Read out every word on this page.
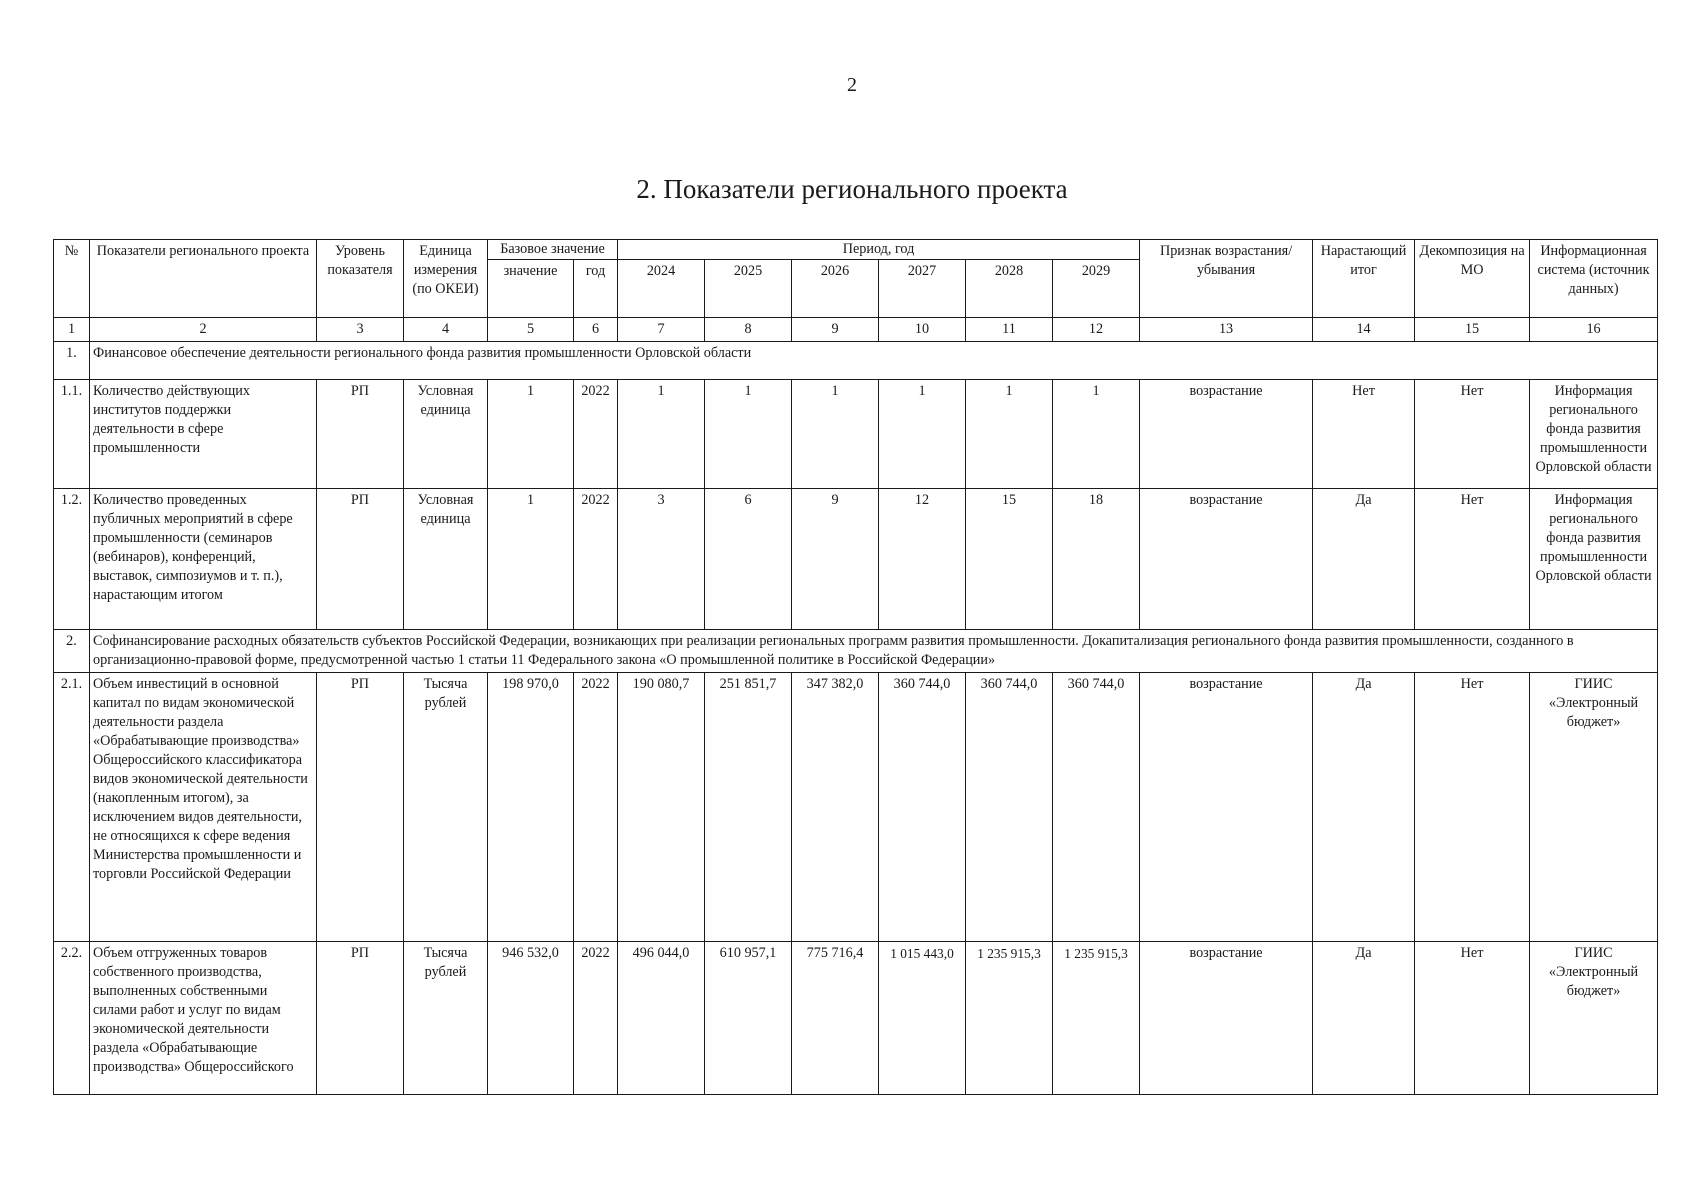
2
2. Показатели регионального проекта
№	Показатели регионального проекта	Уровень показателя	Единица измерения (по ОКЕИ)	Базовое значение		Период, год						Признак возрастания/убывания	Нарастающий итог	Декомпозиция на МО	Информационная система (источник данных)
				значение	год	2024	2025	2026	2027	2028	2029				
1	2	3	4	5	6	7	8	9	10	11	12	13	14	15	16
1.	Финансовое обеспечение деятельности регионального фонда развития промышленности Орловской области														
1.1.	Количество действующих институтов поддержки деятельности в сфере промышленности	РП	Условная единица	1	2022	1	1	1	1	1	1	возрастание	Нет	Нет	Информация регионального фонда развития промышленности Орловской области
1.2.	Количество проведенных публичных мероприятий в сфере промышленности (семинаров (вебинаров), конференций, выставок, симпозиумов и т. п.), нарастающим итогом	РП	Условная единица	1	2022	3	6	9	12	15	18	возрастание	Да	Нет	Информация регионального фонда развития промышленности Орловской области
2.	Софинансирование расходных обязательств субъектов Российской Федерации, возникающих при реализации региональных программ развития промышленности. Докапитализация регионального фонда развития промышленности, созданного в организационно-правовой форме, предусмотренной частью 1 статьи 11 Федерального закона «О промышленной политике в Российской Федерации»														
2.1.	Объем инвестиций в основной капитал по видам экономической деятельности раздела «Обрабатывающие производства» Общероссийского классификатора видов экономической деятельности (накопленным итогом), за исключением видов деятельности, не относящихся к сфере ведения Министерства промышленности и торговли Российской Федерации	РП	Тысяча рублей	198 970,0	2022	190 080,7	251 851,7	347 382,0	360 744,0	360 744,0	360 744,0	возрастание	Да	Нет	ГИИС «Электронный бюджет»
2.2.	Объем отгруженных товаров собственного производства, выполненных собственными силами работ и услуг по видам экономической деятельности раздела «Обрабатывающие производства» Общероссийского	РП	Тысяча рублей	946 532,0	2022	496 044,0	610 957,1	775 716,4	1 015 443,0	1 235 915,3	1 235 915,3	возрастание	Да	Нет	ГИИС «Электронный бюджет»
